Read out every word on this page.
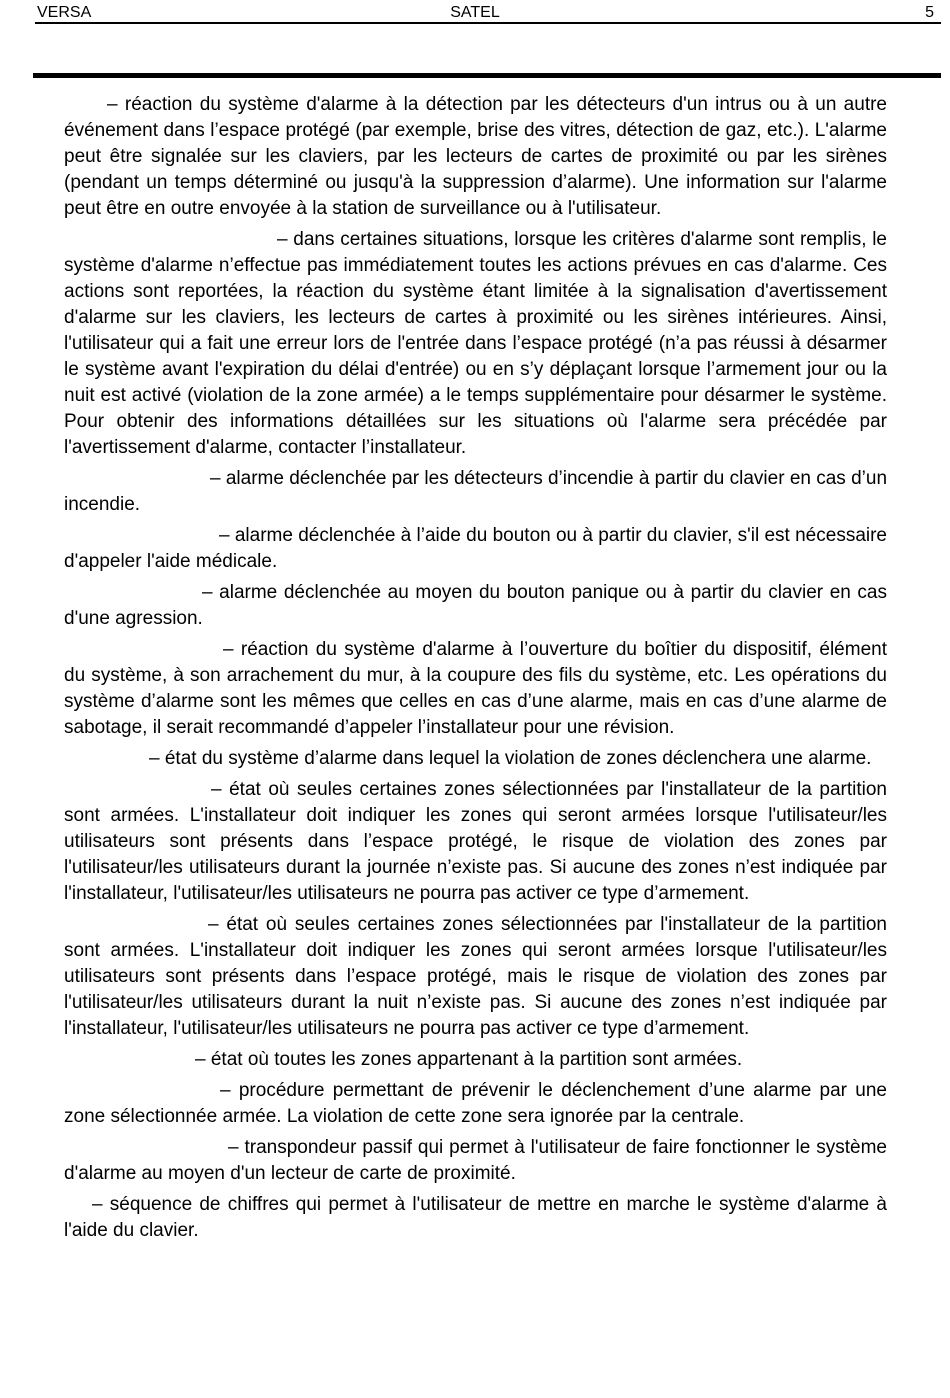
VERSA	SATEL	5

– réaction du système d'alarme à la détection par les détecteurs d'un intrus ou à un autre événement dans l’espace protégé (par exemple, brise des vitres, détection de gaz, etc.). L'alarme peut être signalée sur les claviers, par les lecteurs de cartes de proximité ou par les sirènes (pendant un temps déterminé ou jusqu'à la suppression d’alarme). Une information sur l'alarme peut être en outre envoyée à la station de surveillance ou à l'utilisateur.

– dans certaines situations, lorsque les critères d'alarme sont remplis, le système d'alarme n’effectue pas immédiatement toutes les actions prévues en cas d'alarme. Ces actions sont reportées, la réaction du système étant limitée à la signalisation d'avertissement d'alarme sur les claviers, les lecteurs de cartes à proximité ou les sirènes intérieures. Ainsi, l'utilisateur qui a fait une erreur lors de l'entrée dans l’espace protégé (n’a pas réussi à désarmer le système avant l'expiration du délai d'entrée) ou en s’y déplaçant lorsque l’armement jour ou la nuit est activé (violation de la zone armée) a le temps supplémentaire pour désarmer le système. Pour obtenir des informations détaillées sur les situations où l'alarme sera précédée par l'avertissement d'alarme, contacter l’installateur.

– alarme déclenchée par les détecteurs d’incendie à partir du clavier en cas d’un incendie.

– alarme déclenchée à l’aide du bouton ou à partir du clavier, s'il est nécessaire d'appeler l'aide médicale.

– alarme déclenchée au moyen du bouton panique ou à partir du clavier en cas d'une agression.

– réaction du système d'alarme à l’ouverture du boîtier du dispositif, élément du système, à son arrachement du mur, à la coupure des fils du système, etc. Les opérations du système d’alarme sont les mêmes que celles en cas d’une alarme, mais en cas d’une alarme de sabotage, il serait recommandé d’appeler l’installateur pour une révision.

– état du système d’alarme dans lequel la violation de zones déclenchera une alarme.

– état où seules certaines zones sélectionnées par l'installateur de la partition sont armées. L'installateur doit indiquer les zones qui seront armées lorsque l'utilisateur/les utilisateurs sont présents dans l’espace protégé, le risque de violation des zones par l'utilisateur/les utilisateurs durant la journée n’existe pas. Si aucune des zones n’est indiquée par l'installateur, l'utilisateur/les utilisateurs ne pourra pas activer ce type d’armement.

– état où seules certaines zones sélectionnées par l'installateur de la partition sont armées. L'installateur doit indiquer les zones qui seront armées lorsque l'utilisateur/les utilisateurs sont présents dans l’espace protégé, mais le risque de violation des zones par l'utilisateur/les utilisateurs durant la nuit n’existe pas. Si aucune des zones n’est indiquée par l'installateur, l'utilisateur/les utilisateurs ne pourra pas activer ce type d’armement.

– état où toutes les zones appartenant à la partition sont armées.

– procédure permettant de prévenir le déclenchement d’une alarme par une zone sélectionnée armée. La violation de cette zone sera ignorée par la centrale.

– transpondeur passif qui permet à l'utilisateur de faire fonctionner le système d'alarme au moyen d'un lecteur de carte de proximité.

– séquence de chiffres qui permet à l'utilisateur de mettre en marche le système d'alarme à l'aide du clavier.
